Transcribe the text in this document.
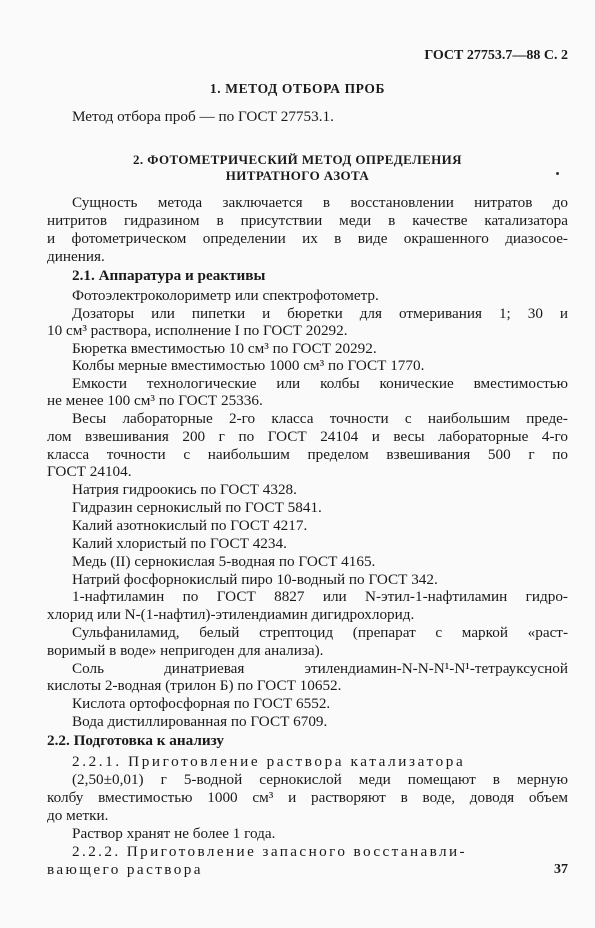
ГОСТ 27753.7—88 С. 2
1. МЕТОД ОТБОРА ПРОБ
Метод отбора проб — по ГОСТ 27753.1.
2. ФОТОМЕТРИЧЕСКИЙ МЕТОД ОПРЕДЕЛЕНИЯ
НИТРАТНОГО АЗОТА
Сущность метода заключается в восстановлении нитратов до
нитритов гидразином в присутствии меди в качестве катализатора
и фотометрическом определении их в виде окрашенного диазосое-
динения.
2.1. Аппаратура и реактивы
Фотоэлектроколориметр или спектрофотометр.
Дозаторы или пипетки и бюретки для отмеривания 1; 30 и
10 см³ раствора, исполнение I по ГОСТ 20292.
Бюретка вместимостью 10 см³ по ГОСТ 20292.
Колбы мерные вместимостью 1000 см³ по ГОСТ 1770.
Емкости технологические или колбы конические вместимостью
не менее 100 см³ по ГОСТ 25336.
Весы лабораторные 2-го класса точности с наибольшим преде-
лом взвешивания 200 г по ГОСТ 24104 и весы лабораторные 4-го
класса точности с наибольшим пределом взвешивания 500 г по
ГОСТ 24104.
Натрия гидроокись по ГОСТ 4328.
Гидразин сернокислый по ГОСТ 5841.
Калий азотнокислый по ГОСТ 4217.
Калий хлористый по ГОСТ 4234.
Медь (II) сернокислая 5-водная по ГОСТ 4165.
Натрий фосфорнокислый пиро 10-водный по ГОСТ 342.
1-нафтиламин по ГОСТ 8827 или N-этил-1-нафтиламин гидро-
хлорид или N-(1-нафтил)-этилендиамин дигидрохлорид.
Сульфаниламид, белый стрептоцид (препарат с маркой «раст-
воримый в воде» непригоден для анализа).
Соль динатриевая этилендиамин-N-N-N¹-N¹-тетрауксусной
кислоты 2-водная (трилон Б) по ГОСТ 10652.
Кислота ортофосфорная по ГОСТ 6552.
Вода дистиллированная по ГОСТ 6709.
2.2. Подготовка к анализу
2.2.1. Приготовление раствора катализатора
(2,50±0,01) г 5-водной сернокислой меди помещают в мерную
колбу вместимостью 1000 см³ и растворяют в воде, доводя объем
до метки.
Раствор хранят не более 1 года.
2.2.2. Приготовление запасного восстанавли-
вающего раствора	37
